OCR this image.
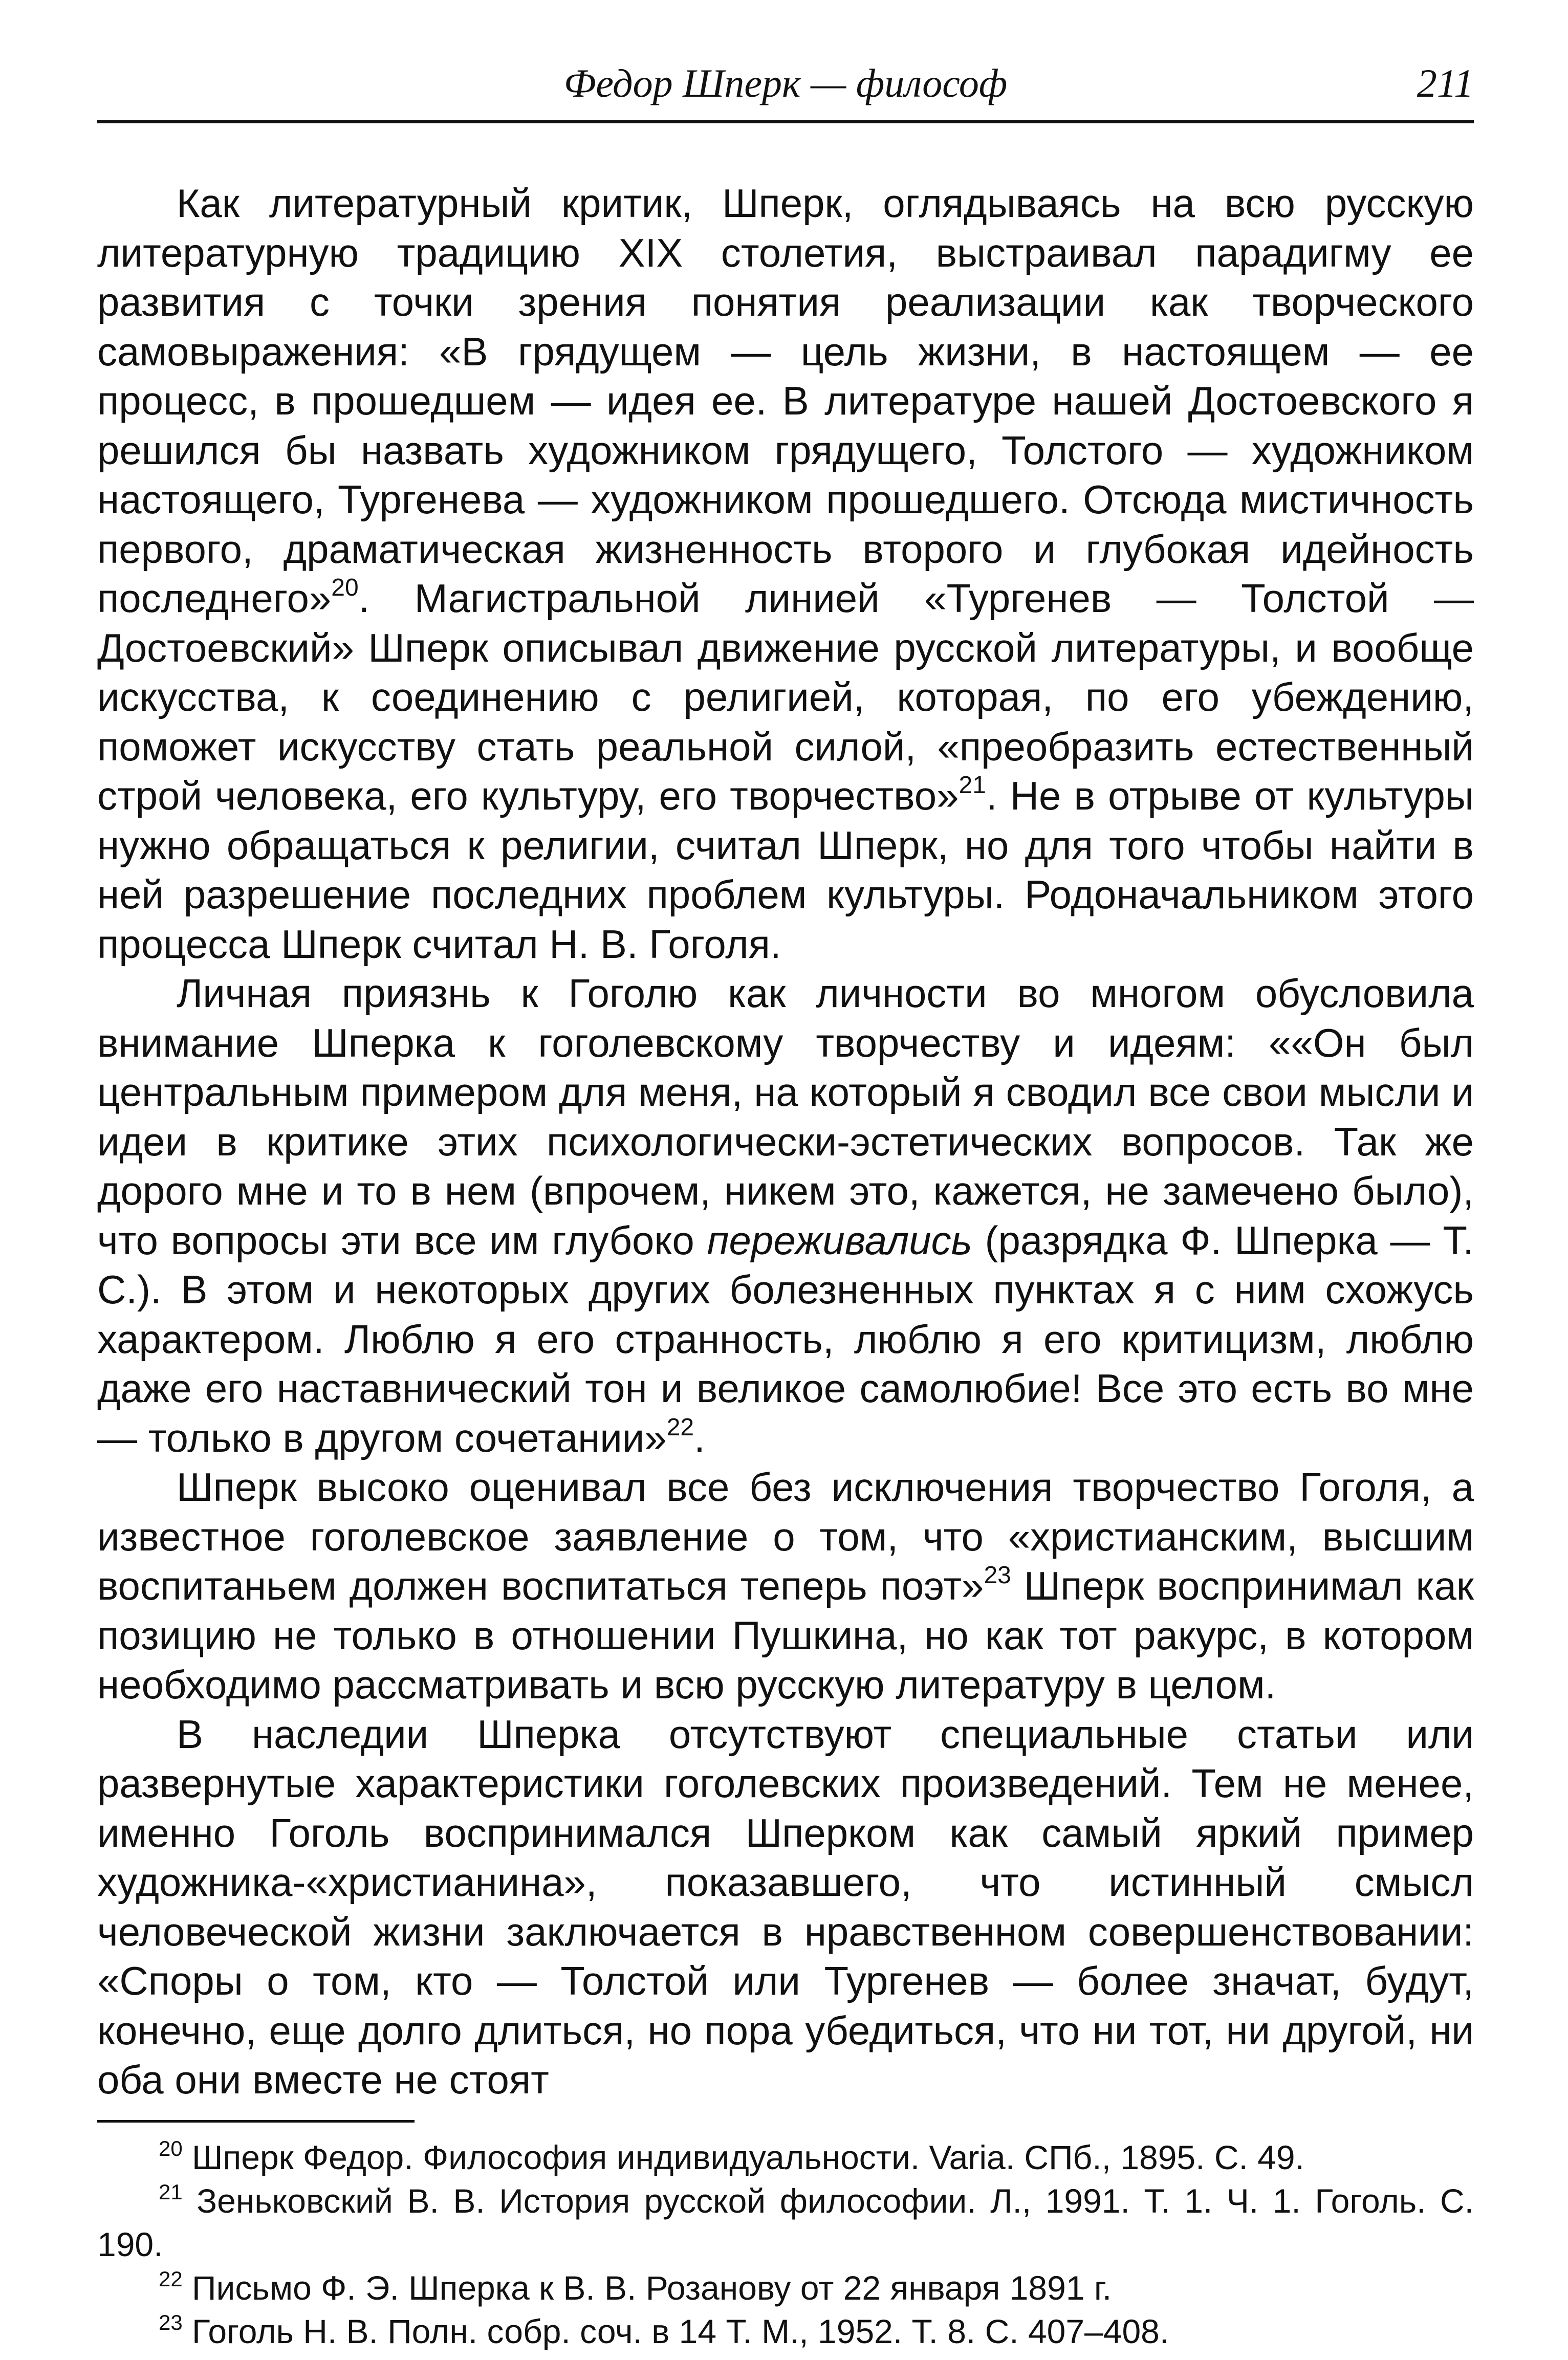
Федор Шперк — философ	211

Как литературный критик, Шперк, оглядываясь на всю русскую литературную традицию XIX столетия, выстраивал парадигму ее развития с точки зрения понятия реализации как творческого самовыражения: «В грядущем — цель жизни, в настоящем — ее процесс, в прошедшем — идея ее. В литературе нашей Достоевского я решился бы назвать художником грядущего, Толстого — художником настоящего, Тургенева — художником прошедшего. Отсюда мистичность первого, драматическая жизненность второго и глубокая идейность последнего»$^{20}$. Магистральной линией «Тургенев — Толстой — Достоевский» Шперк описывал движение русской литературы, и вообще искусства, к соединению с религией, которая, по его убеждению, поможет искусству стать реальной силой, «преобразить естественный строй человека, его культуру, его творчество»$^{21}$. Не в отрыве от культуры нужно обращаться к религии, считал Шперк, но для того чтобы найти в ней разрешение последних проблем культуры. Родоначальником этого процесса Шперк считал Н. В. Гоголя.

Личная приязнь к Гоголю как личности во многом обусловила внимание Шперка к гоголевскому творчеству и идеям: ««Он был центральным примером для меня, на который я сводил все свои мысли и идеи в критике этих психологически-эстетических вопросов. Так же дорого мне и то в нем (впрочем, никем это, кажется, не замечено было), что вопросы эти все им глубоко переживались (разрядка Ф. Шперка — Т. С.). В этом и некоторых других болезненных пунктах я с ним схожусь характером. Люблю я его странность, люблю я его критицизм, люблю даже его наставнический тон и великое самолюбие! Все это есть во мне — только в другом сочетании»$^{22}$.

Шперк высоко оценивал все без исключения творчество Гоголя, а известное гоголевское заявление о том, что «христианским, высшим воспитаньем должен воспитаться теперь поэт»$^{23}$ Шперк воспринимал как позицию не только в отношении Пушкина, но как тот ракурс, в котором необходимо рассматривать и всю русскую литературу в целом.

В наследии Шперка отсутствуют специальные статьи или развернутые характеристики гоголевских произведений. Тем не менее, именно Гоголь воспринимался Шперком как самый яркий пример художника-«христианина», показавшего, что истинный смысл человеческой жизни заключается в нравственном совершенствовании: «Споры о том, кто — Толстой или Тургенев — более значат, будут, конечно, еще долго длиться, но пора убедиться, что ни тот, ни другой, ни оба они вместе не стоят

$^{20}$ Шперк Федор. Философия индивидуальности. Varia. СПб., 1895. С. 49.

$^{21}$ Зеньковский В. В. История русской философии. Л., 1991. Т. 1. Ч. 1. Гоголь. С. 190.

$^{22}$ Письмо Ф. Э. Шперка к В. В. Розанову от 22 января 1891 г.

$^{23}$ Гоголь Н. В. Полн. собр. соч. в 14 Т. М., 1952. Т. 8. С. 407–408.
